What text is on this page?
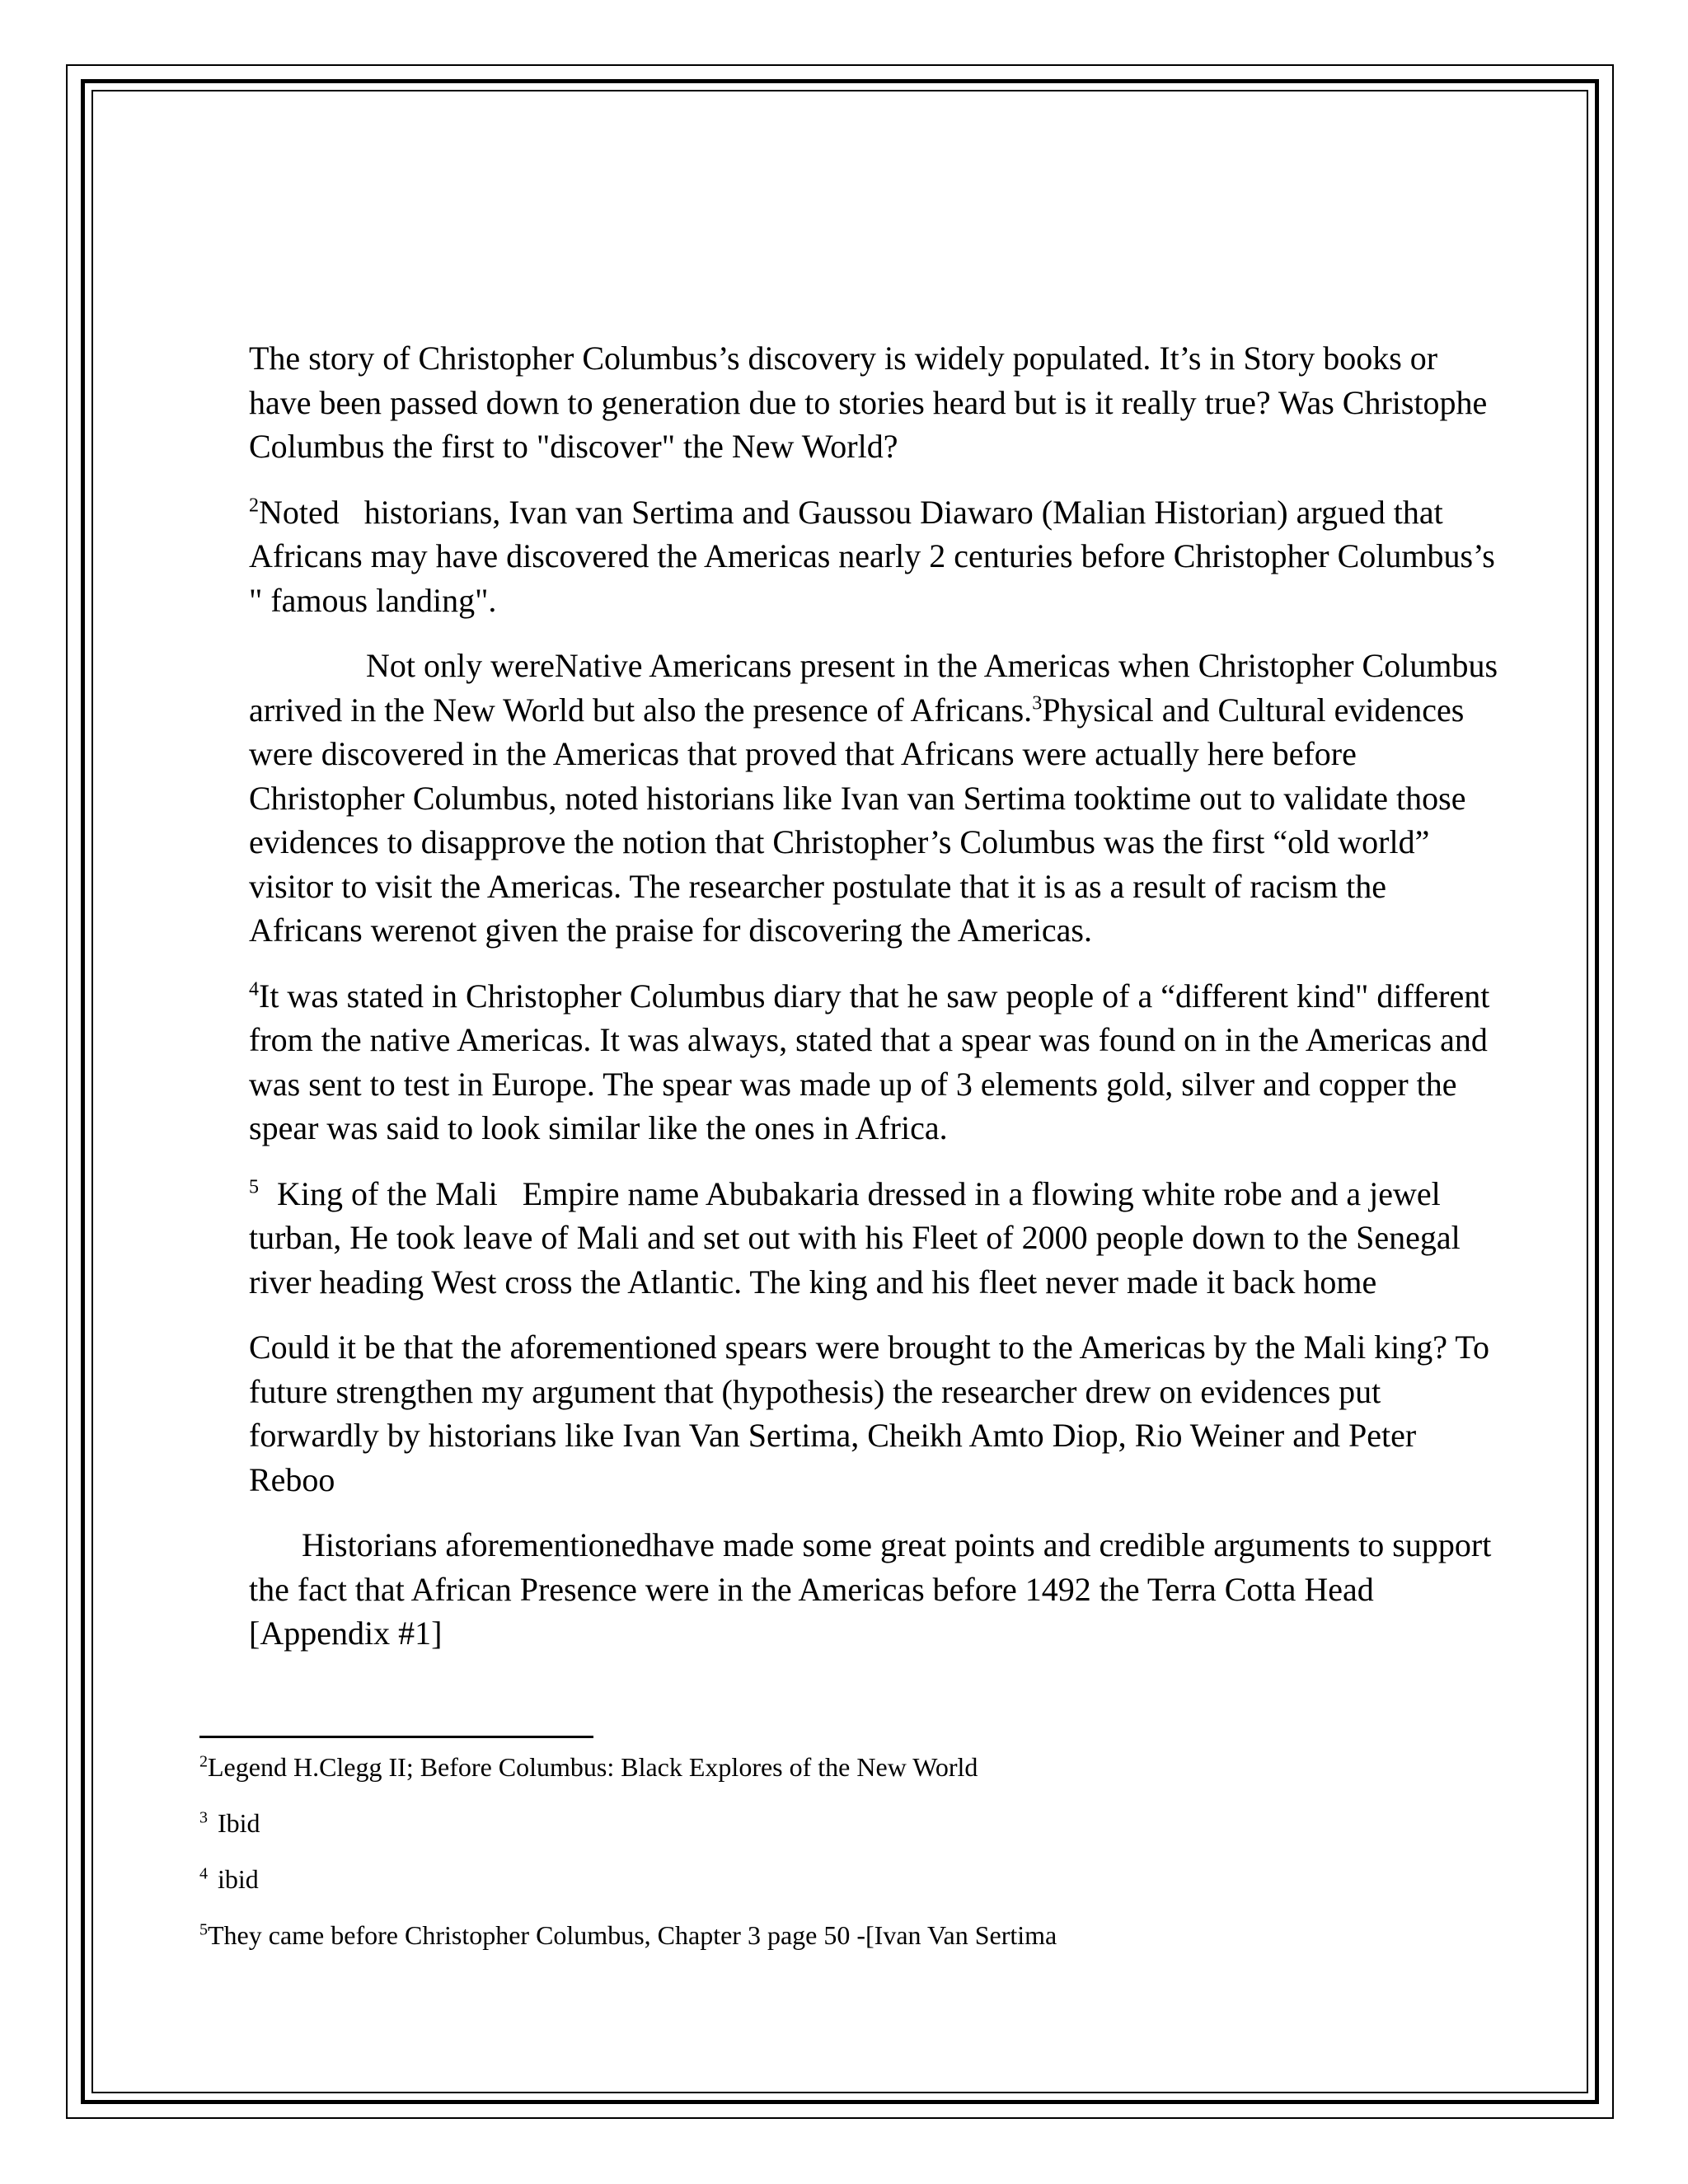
The story of Christopher Columbus’s discovery is widely populated. It’s in Story books or have been passed down to generation due to stories heard but is it really true? Was Christophe Columbus the first to "discover" the New World?

$^2$Noted   historians, Ivan van Sertima and Gaussou Diawaro (Malian Historian) argued that Africans may have discovered the Americas nearly 2 centuries before Christopher Columbus’s " famous landing".

Not only wereNative Americans present in the Americas when Christopher Columbus arrived in the New World but also the presence of Africans.$^3$Physical and Cultural evidences were discovered in the Americas that proved that Africans were actually here before Christopher Columbus, noted historians like Ivan van Sertima tooktime out to validate those evidences to disapprove the notion that Christopher’s Columbus was the first “old world” visitor to visit the Americas. The researcher postulate that it is as a result of racism the Africans werenot given the praise for discovering the Americas.

$^4$It was stated in Christopher Columbus diary that he saw people of a “different kind" different from the native Americas. It was always, stated that a spear was found on in the Americas and was sent to test in Europe. The spear was made up of 3 elements gold, silver and copper the spear was said to look similar like the ones in Africa.

$^5$ King of the Mali   Empire name Abubakaria dressed in a flowing white robe and a jewel turban, He took leave of Mali and set out with his Fleet of 2000 people down to the Senegal river heading West cross the Atlantic. The king and his fleet never made it back home

Could it be that the aforementioned spears were brought to the Americas by the Mali king? To future strengthen my argument that (hypothesis) the researcher drew on evidences put forwardly by historians like Ivan Van Sertima, Cheikh Amto Diop, Rio Weiner and Peter Reboo

Historians aforementionedhave made some great points and credible arguments to support the fact that African Presence were in the Americas before 1492 the Terra Cotta Head [Appendix #1]

$^2$Legend H.Clegg II; Before Columbus: Black Explores of the New World
$^3$ Ibid
$^4$ ibid
$^5$They came before Christopher Columbus, Chapter 3 page 50 -[Ivan Van Sertima
